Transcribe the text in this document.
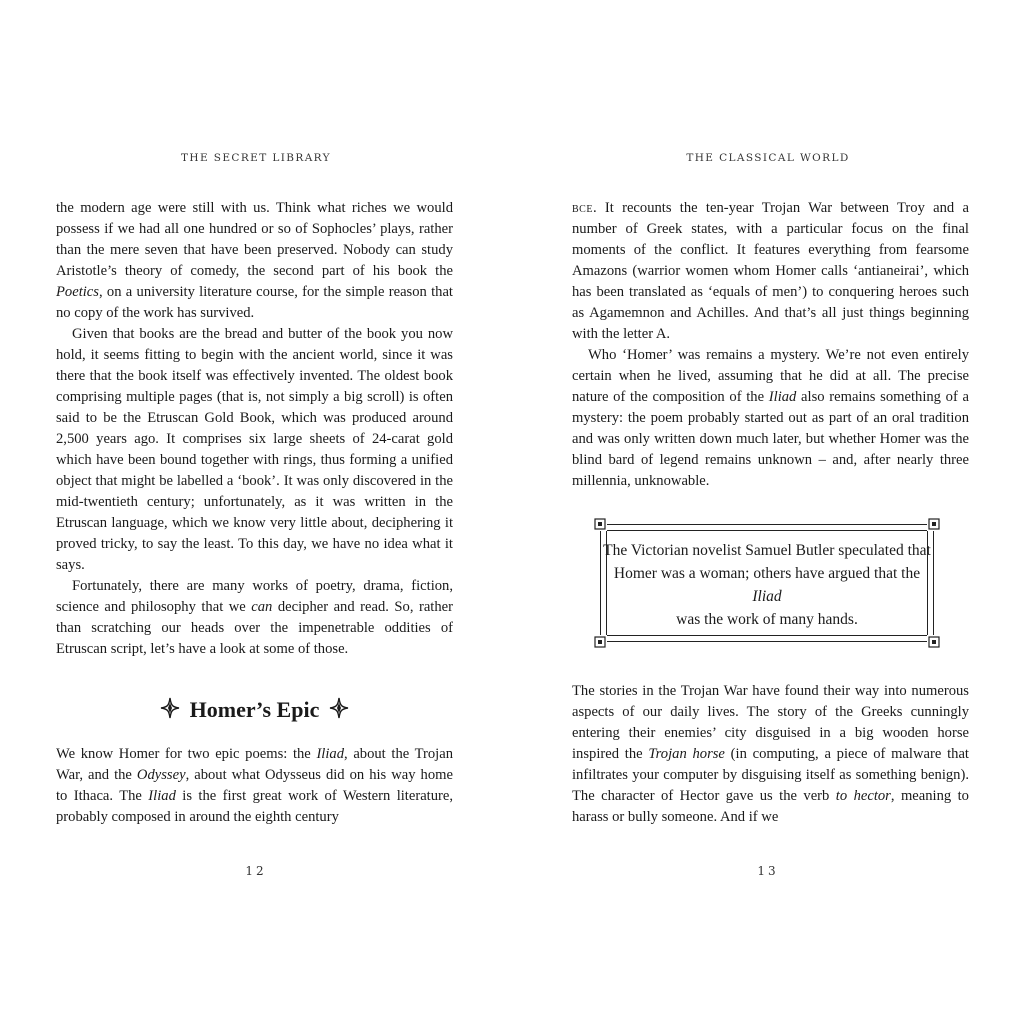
THE SECRET LIBRARY

the modern age were still with us. Think what riches we would possess if we had all one hundred or so of Sophocles’ plays, rather than the mere seven that have been preserved. Nobody can study Aristotle’s theory of comedy, the second part of his book the Poetics, on a university literature course, for the simple reason that no copy of the work has survived.

Given that books are the bread and butter of the book you now hold, it seems fitting to begin with the ancient world, since it was there that the book itself was effectively invented. The oldest book comprising multiple pages (that is, not simply a big scroll) is often said to be the Etruscan Gold Book, which was produced around 2,500 years ago. It comprises six large sheets of 24-carat gold which have been bound together with rings, thus forming a unified object that might be labelled a ‘book’. It was only discovered in the mid-twentieth century; unfortunately, as it was written in the Etruscan language, which we know very little about, deciphering it proved tricky, to say the least. To this day, we have no idea what it says.

Fortunately, there are many works of poetry, drama, fiction, science and philosophy that we can decipher and read. So, rather than scratching our heads over the impenetrable oddities of Etruscan script, let’s have a look at some of those.

Homer’s Epic

We know Homer for two epic poems: the Iliad, about the Trojan War, and the Odyssey, about what Odysseus did on his way home to Ithaca. The Iliad is the first great work of Western literature, probably composed in around the eighth century

12
THE CLASSICAL WORLD
13

bce. It recounts the ten-year Trojan War between Troy and a number of Greek states, with a particular focus on the final moments of the conflict. It features everything from fearsome Amazons (warrior women whom Homer calls ‘antianeirai’, which has been translated as ‘equals of men’) to conquering heroes such as Agamemnon and Achilles. And that’s all just things beginning with the letter A.

Who ‘Homer’ was remains a mystery. We’re not even entirely certain when he lived, assuming that he did at all. The precise nature of the composition of the Iliad also remains something of a mystery: the poem probably started out as part of an oral tradition and was only written down much later, but whether Homer was the blind bard of legend remains unknown – and, after nearly three millennia, unknowable.

The Victorian novelist Samuel Butler speculated that Homer was a woman; others have argued that the Iliad
was the work of many hands.

The stories in the Trojan War have found their way into numerous aspects of our daily lives. The story of the Greeks cunningly entering their enemies’ city disguised in a big wooden horse inspired the Trojan horse (in computing, a piece of malware that infiltrates your computer by disguising itself as something benign). The character of Hector gave us the verb to hector, meaning to harass or bully someone. And if we
